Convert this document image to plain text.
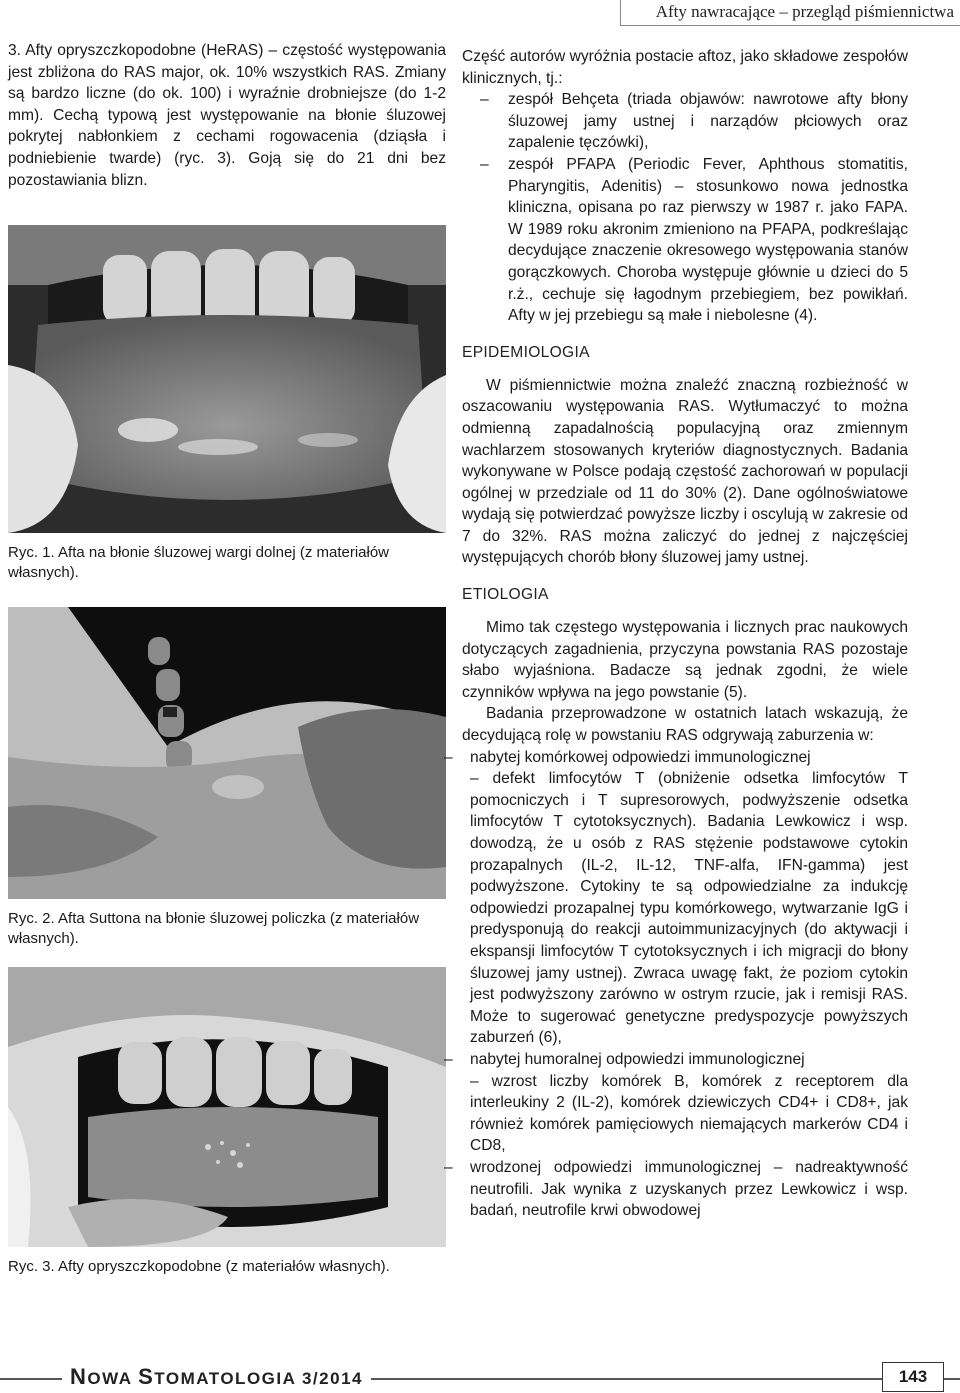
Afty nawracające – przegląd piśmiennictwa

3. Afty opryszczkopodobne (HeRAS) – częstość występowania jest zbliżona do RAS major, ok. 10% wszystkich RAS. Zmiany są bardzo liczne (do ok. 100) i wyraźnie drobniejsze (do 1-2 mm). Cechą typową jest występowanie na błonie śluzowej pokrytej nabłonkiem z cechami rogowacenia (dziąsła i podniebienie twarde) (ryc. 3). Goją się do 21 dni bez pozostawiania blizn.

Ryc. 1. Afta na błonie śluzowej wargi dolnej (z materiałów własnych).

Ryc. 2. Afta Suttona na błonie śluzowej policzka (z materiałów własnych).

Ryc. 3. Afty opryszczkopodobne (z materiałów własnych).

Część autorów wyróżnia postacie aftoz, jako składowe zespołów klinicznych, tj.:

– zespół Behçeta (triada objawów: nawrotowe afty błony śluzowej jamy ustnej i narządów płciowych oraz zapalenie tęczówki),
– zespół PFAPA (Periodic Fever, Aphthous stomatitis, Pharyngitis, Adenitis) – stosunkowo nowa jednostka kliniczna, opisana po raz pierwszy w 1987 r. jako FAPA. W 1989 roku akronim zmieniono na PFAPA, podkreślając decydujące znaczenie okresowego występowania stanów gorączkowych. Choroba występuje głównie u dzieci do 5 r.ż., cechuje się łagodnym przebiegiem, bez powikłań. Afty w jej przebiegu są małe i niebolesne (4).
EPIDEMIOLOGIA

W piśmiennictwie można znaleźć znaczną rozbieżność w oszacowaniu występowania RAS. Wytłumaczyć to można odmienną zapadalnością populacyjną oraz zmiennym wachlarzem stosowanych kryteriów diagnostycznych. Badania wykonywane w Polsce podają częstość zachorowań w populacji ogólnej w przedziale od 11 do 30% (2). Dane ogólnoświatowe wydają się potwierdzać powyższe liczby i oscylują w zakresie od 7 do 32%. RAS można zaliczyć do jednej z najczęściej występujących chorób błony śluzowej jamy ustnej.

ETIOLOGIA

Mimo tak częstego występowania i licznych prac naukowych dotyczących zagadnienia, przyczyna powstania RAS pozostaje słabo wyjaśniona. Badacze są jednak zgodni, że wiele czynników wpływa na jego powstanie (5).

Badania przeprowadzone w ostatnich latach wskazują, że decydującą rolę w powstaniu RAS odgrywają zaburzenia w:

– nabytej komórkowej odpowiedzi immunologicznej
– defekt limfocytów T (obniżenie odsetka limfocytów T pomocniczych i T supresorowych, podwyższenie odsetka limfocytów T cytotoksycznych). Badania Lewkowicz i wsp. dowodzą, że u osób z RAS stężenie podstawowe cytokin prozapalnych (IL-2, IL-12, TNF-alfa, IFN-gamma) jest podwyższone. Cytokiny te są odpowiedzialne za indukcję odpowiedzi prozapalnej typu komórkowego, wytwarzanie IgG i predysponują do reakcji autoimmunizacyjnych (do aktywacji i ekspansji limfocytów T cytotoksycznych i ich migracji do błony śluzowej jamy ustnej). Zwraca uwagę fakt, że poziom cytokin jest podwyższony zarówno w ostrym rzucie, jak i remisji RAS. Może to sugerować genetyczne predyspozycje powyższych zaburzeń (6),
– nabytej humoralnej odpowiedzi immunologicznej
– wzrost liczby komórek B, komórek z receptorem dla interleukiny 2 (IL-2), komórek dziewiczych CD4+ i CD8+, jak również komórek pamięciowych niemających markerów CD4 i CD8,
– wrodzonej odpowiedzi immunologicznej – nadreaktywność neutrofili. Jak wynika z uzyskanych przez Lewkowicz i wsp. badań, neutrofile krwi obwodowej
NOWA STOMATOLOGIA 3/2014	143
